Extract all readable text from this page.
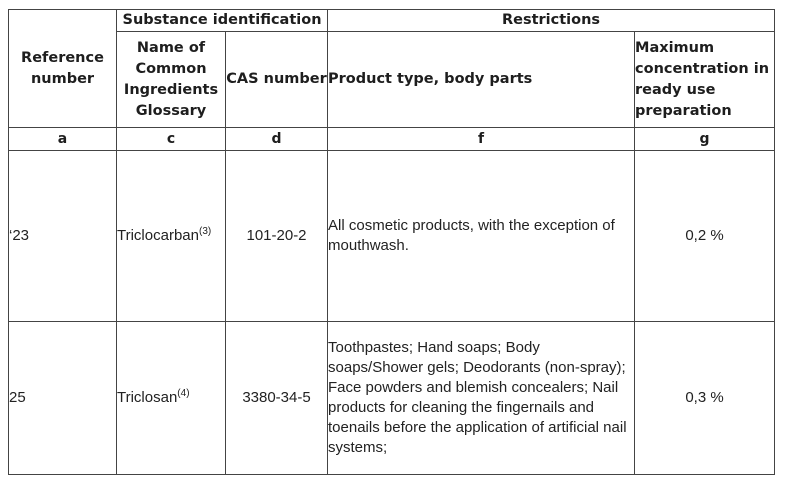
Reference number	Substance identification		Restrictions	
	Name of Common Ingredients Glossary	CAS number	Product type, body parts	Maximum concentration in ready use preparation
a	c	d	f	g
‘23	Triclocarban$^{(3)}$	101-20-2	All cosmetic products, with the exception of mouthwash.	0,2 %
25	Triclosan$^{(4)}$	3380-34-5	Toothpastes; Hand soaps; Body soaps/Shower gels; Deodorants (non-spray); Face powders and blemish concealers; Nail products for cleaning the fingernails and toenails before the application of artificial nail systems;	0,3 %
